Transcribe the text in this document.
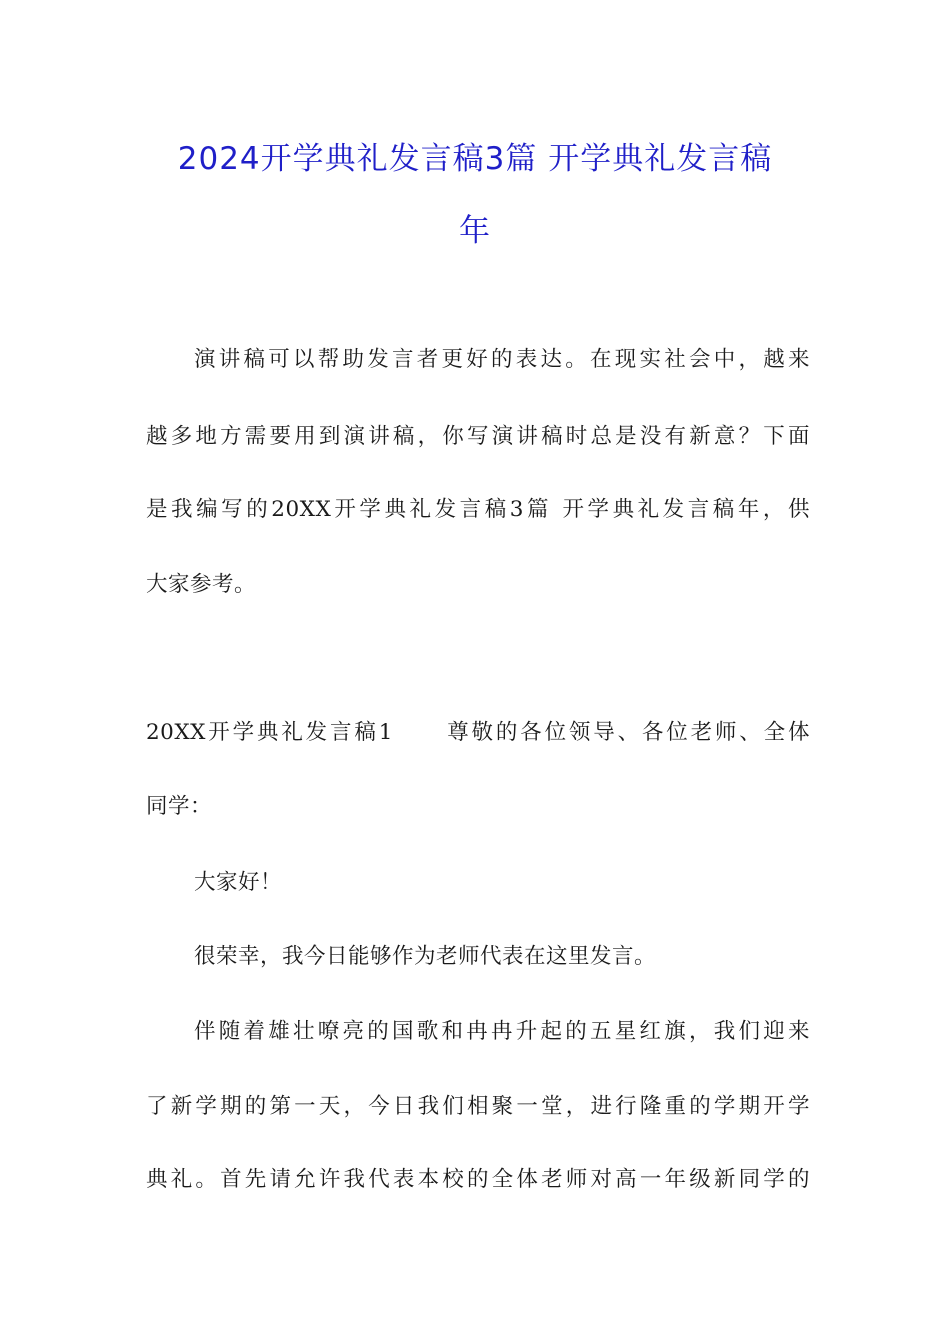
2024开学典礼发言稿3篇 开学典礼发言稿
年
演讲稿可以帮助发言者更好的表达。在现实社会中，越来
越多地方需要用到演讲稿，你写演讲稿时总是没有新意？下面
是我编写的20XX开学典礼发言稿3篇 开学典礼发言稿年，供
大家参考。
20XX开学典礼发言稿1 尊敬的各位领导、各位老师、全体
同学：
大家好！
很荣幸，我今日能够作为老师代表在这里发言。
伴随着雄壮嘹亮的国歌和冉冉升起的五星红旗，我们迎来
了新学期的第一天，今日我们相聚一堂，进行隆重的学期开学
典礼。首先请允许我代表本校的全体老师对高一年级新同学的
